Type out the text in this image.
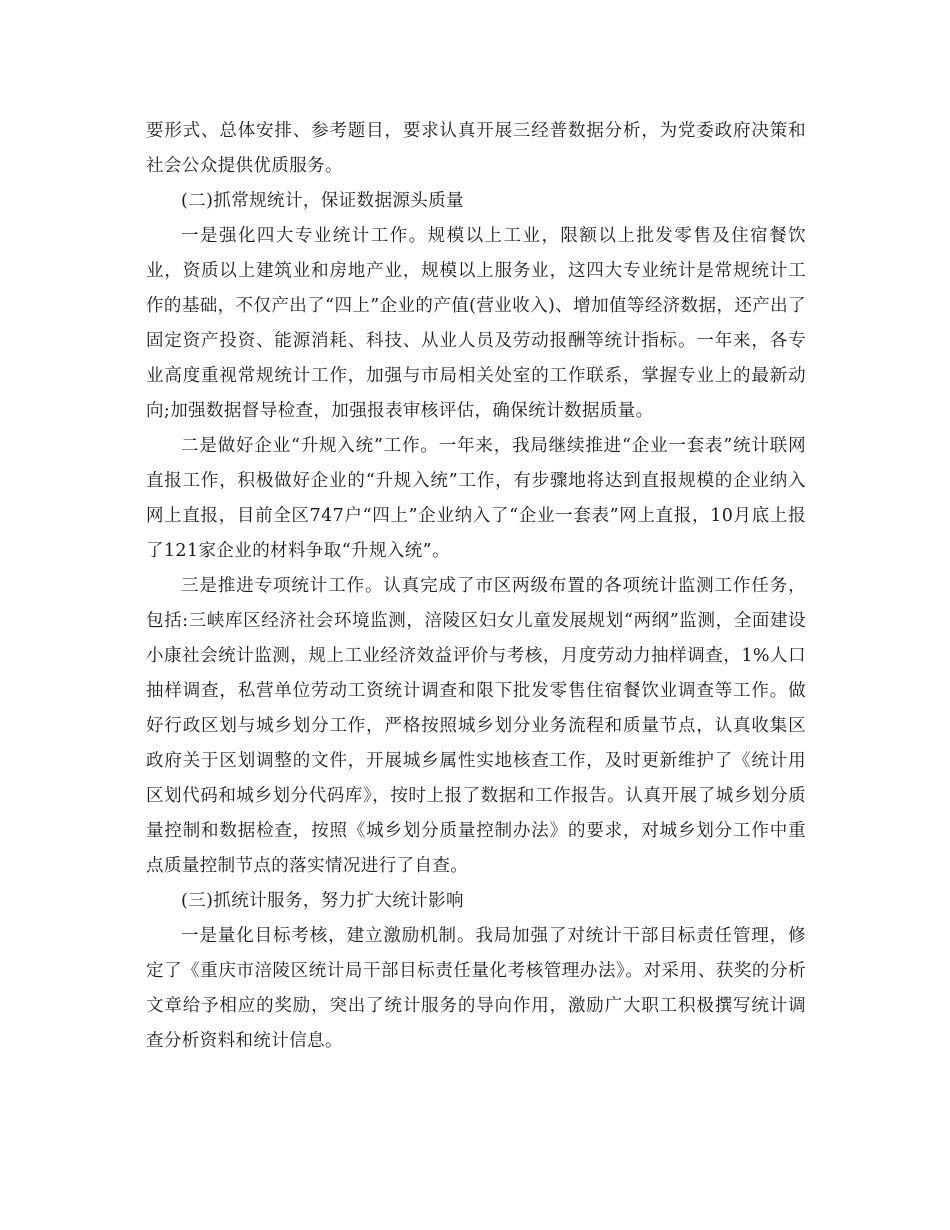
要形式、总体安排、参考题目，要求认真开展三经普数据分析，为党委政府决策和社会公众提供优质服务。

(二)抓常规统计，保证数据源头质量

一是强化四大专业统计工作。规模以上工业，限额以上批发零售及住宿餐饮业，资质以上建筑业和房地产业，规模以上服务业，这四大专业统计是常规统计工作的基础，不仅产出了“四上”企业的产值(营业收入)、增加值等经济数据，还产出了固定资产投资、能源消耗、科技、从业人员及劳动报酬等统计指标。一年来，各专业高度重视常规统计工作，加强与市局相关处室的工作联系，掌握专业上的最新动向;加强数据督导检查，加强报表审核评估，确保统计数据质量。

二是做好企业“升规入统”工作。一年来，我局继续推进“企业一套表”统计联网直报工作，积极做好企业的“升规入统”工作，有步骤地将达到直报规模的企业纳入网上直报，目前全区747户“四上”企业纳入了“企业一套表”网上直报，10月底上报了121家企业的材料争取“升规入统”。

三是推进专项统计工作。认真完成了市区两级布置的各项统计监测工作任务，包括:三峡库区经济社会环境监测，涪陵区妇女儿童发展规划“两纲”监测，全面建设小康社会统计监测，规上工业经济效益评价与考核，月度劳动力抽样调查，1%人口抽样调查，私营单位劳动工资统计调查和限下批发零售住宿餐饮业调查等工作。做好行政区划与城乡划分工作，严格按照城乡划分业务流程和质量节点，认真收集区政府关于区划调整的文件，开展城乡属性实地核查工作，及时更新维护了《统计用区划代码和城乡划分代码库》，按时上报了数据和工作报告。认真开展了城乡划分质量控制和数据检查，按照《城乡划分质量控制办法》的要求，对城乡划分工作中重点质量控制节点的落实情况进行了自查。

(三)抓统计服务，努力扩大统计影响

一是量化目标考核，建立激励机制。我局加强了对统计干部目标责任管理，修定了《重庆市涪陵区统计局干部目标责任量化考核管理办法》。对采用、获奖的分析文章给予相应的奖励，突出了统计服务的导向作用，激励广大职工积极撰写统计调查分析资料和统计信息。
